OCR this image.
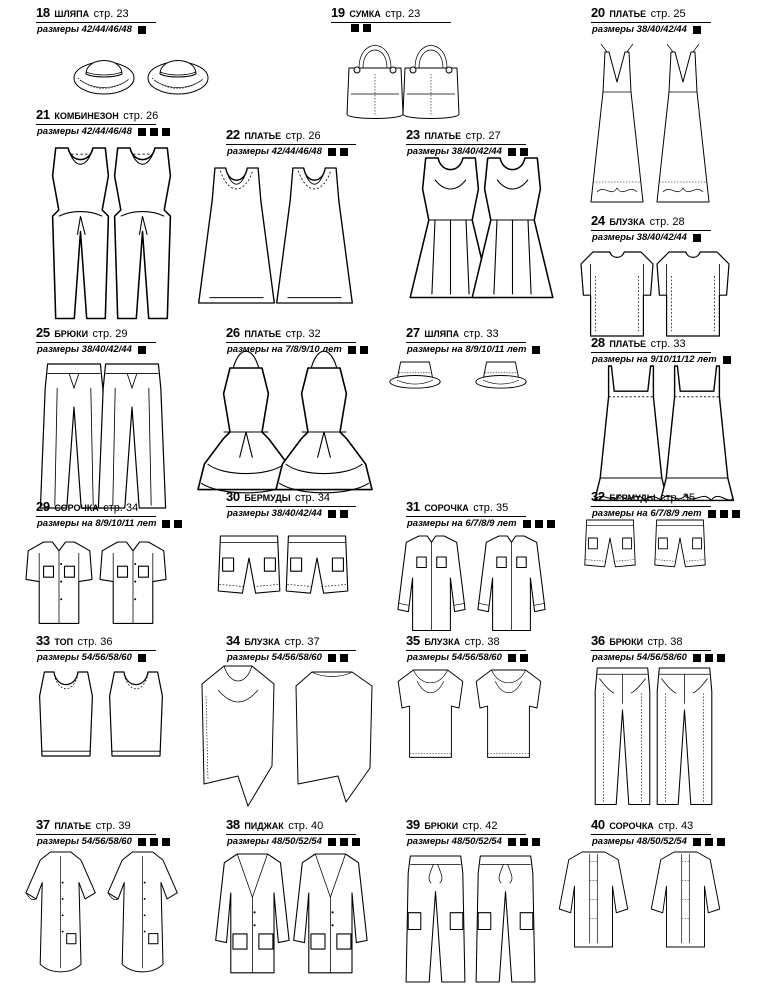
18 ШЛЯПА стр. 23
размеры 42/44/46/48
19 СУМКА стр. 23	20 ПЛАТЬЕ стр. 25
размеры 38/40/42/44
21 КОМБИНЕЗОН стр. 26
размеры 42/44/46/48	22 ПЛАТЬЕ стр. 26
размеры 42/44/46/48
23 ПЛАТЬЕ стр. 27
размеры 38/40/42/44
24 БЛУЗКА стр. 28
размеры 38/40/42/44
25 БРЮКИ стр. 29
размеры 38/40/42/44
26 ПЛАТЬЕ стр. 32
размеры на 7/8/9/10 лет
27 ШЛЯПА стр. 33
размеры на 8/9/10/11 лет	28 ПЛАТЬЕ стр. 33
размеры на 9/10/11/12 лет
29 СОРОЧКА стр. 34
размеры на 8/9/10/11 лет
30 БЕРМУДЫ стр. 34
размеры 38/40/42/44	31 СОРОЧКА стр. 35
размеры на 6/7/8/9 лет
32 БЕРМУДЫ стр. 35
размеры на 6/7/8/9 лет
33 ТОП стр. 36
размеры 54/56/58/60
34 БЛУЗКА стр. 37
размеры 54/56/58/60
35 БЛУЗКА стр. 38
размеры 54/56/58/60
36 БРЮКИ стр. 38
размеры 54/56/58/60
37 ПЛАТЬЕ стр. 39
размеры 54/56/58/60
38 ПИДЖАК стр. 40
размеры 48/50/52/54
39 БРЮКИ стр. 42
размеры 48/50/52/54
40 СОРОЧКА стр. 43
размеры 48/50/52/54
